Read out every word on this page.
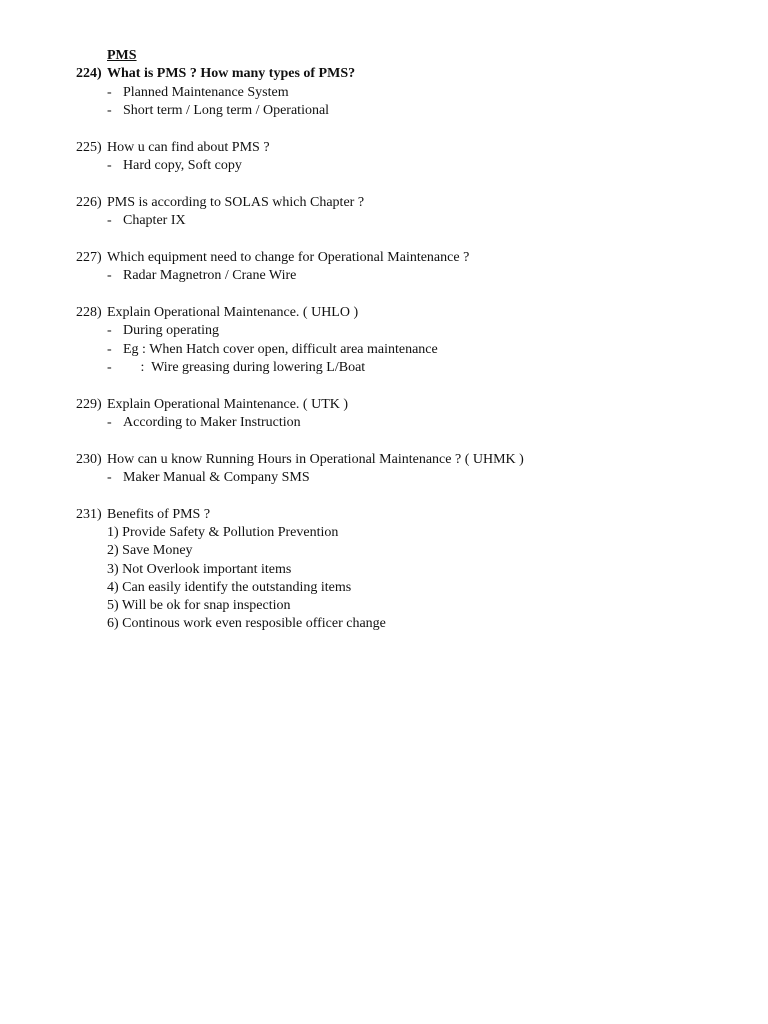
PMS
224) What is PMS ? How many types of PMS?
- Planned Maintenance System
- Short term / Long term / Operational
225) How u can find about PMS ?
- Hard copy, Soft copy
226) PMS is according to SOLAS which Chapter ?
- Chapter IX
227) Which equipment need to change for Operational Maintenance ?
- Radar Magnetron / Crane Wire
228) Explain Operational Maintenance. ( UHLO )
- During operating
- Eg : When Hatch cover open, difficult area maintenance
- :  Wire greasing during lowering L/Boat
229) Explain Operational Maintenance. ( UTK )
- According to Maker Instruction
230) How can u know Running Hours in Operational Maintenance ? ( UHMK )
- Maker Manual & Company SMS
231) Benefits of PMS ?
1) Provide Safety & Pollution Prevention
2) Save Money
3) Not Overlook important items
4) Can easily identify the outstanding items
5) Will be ok for snap inspection
6) Continous work even resposible officer change
